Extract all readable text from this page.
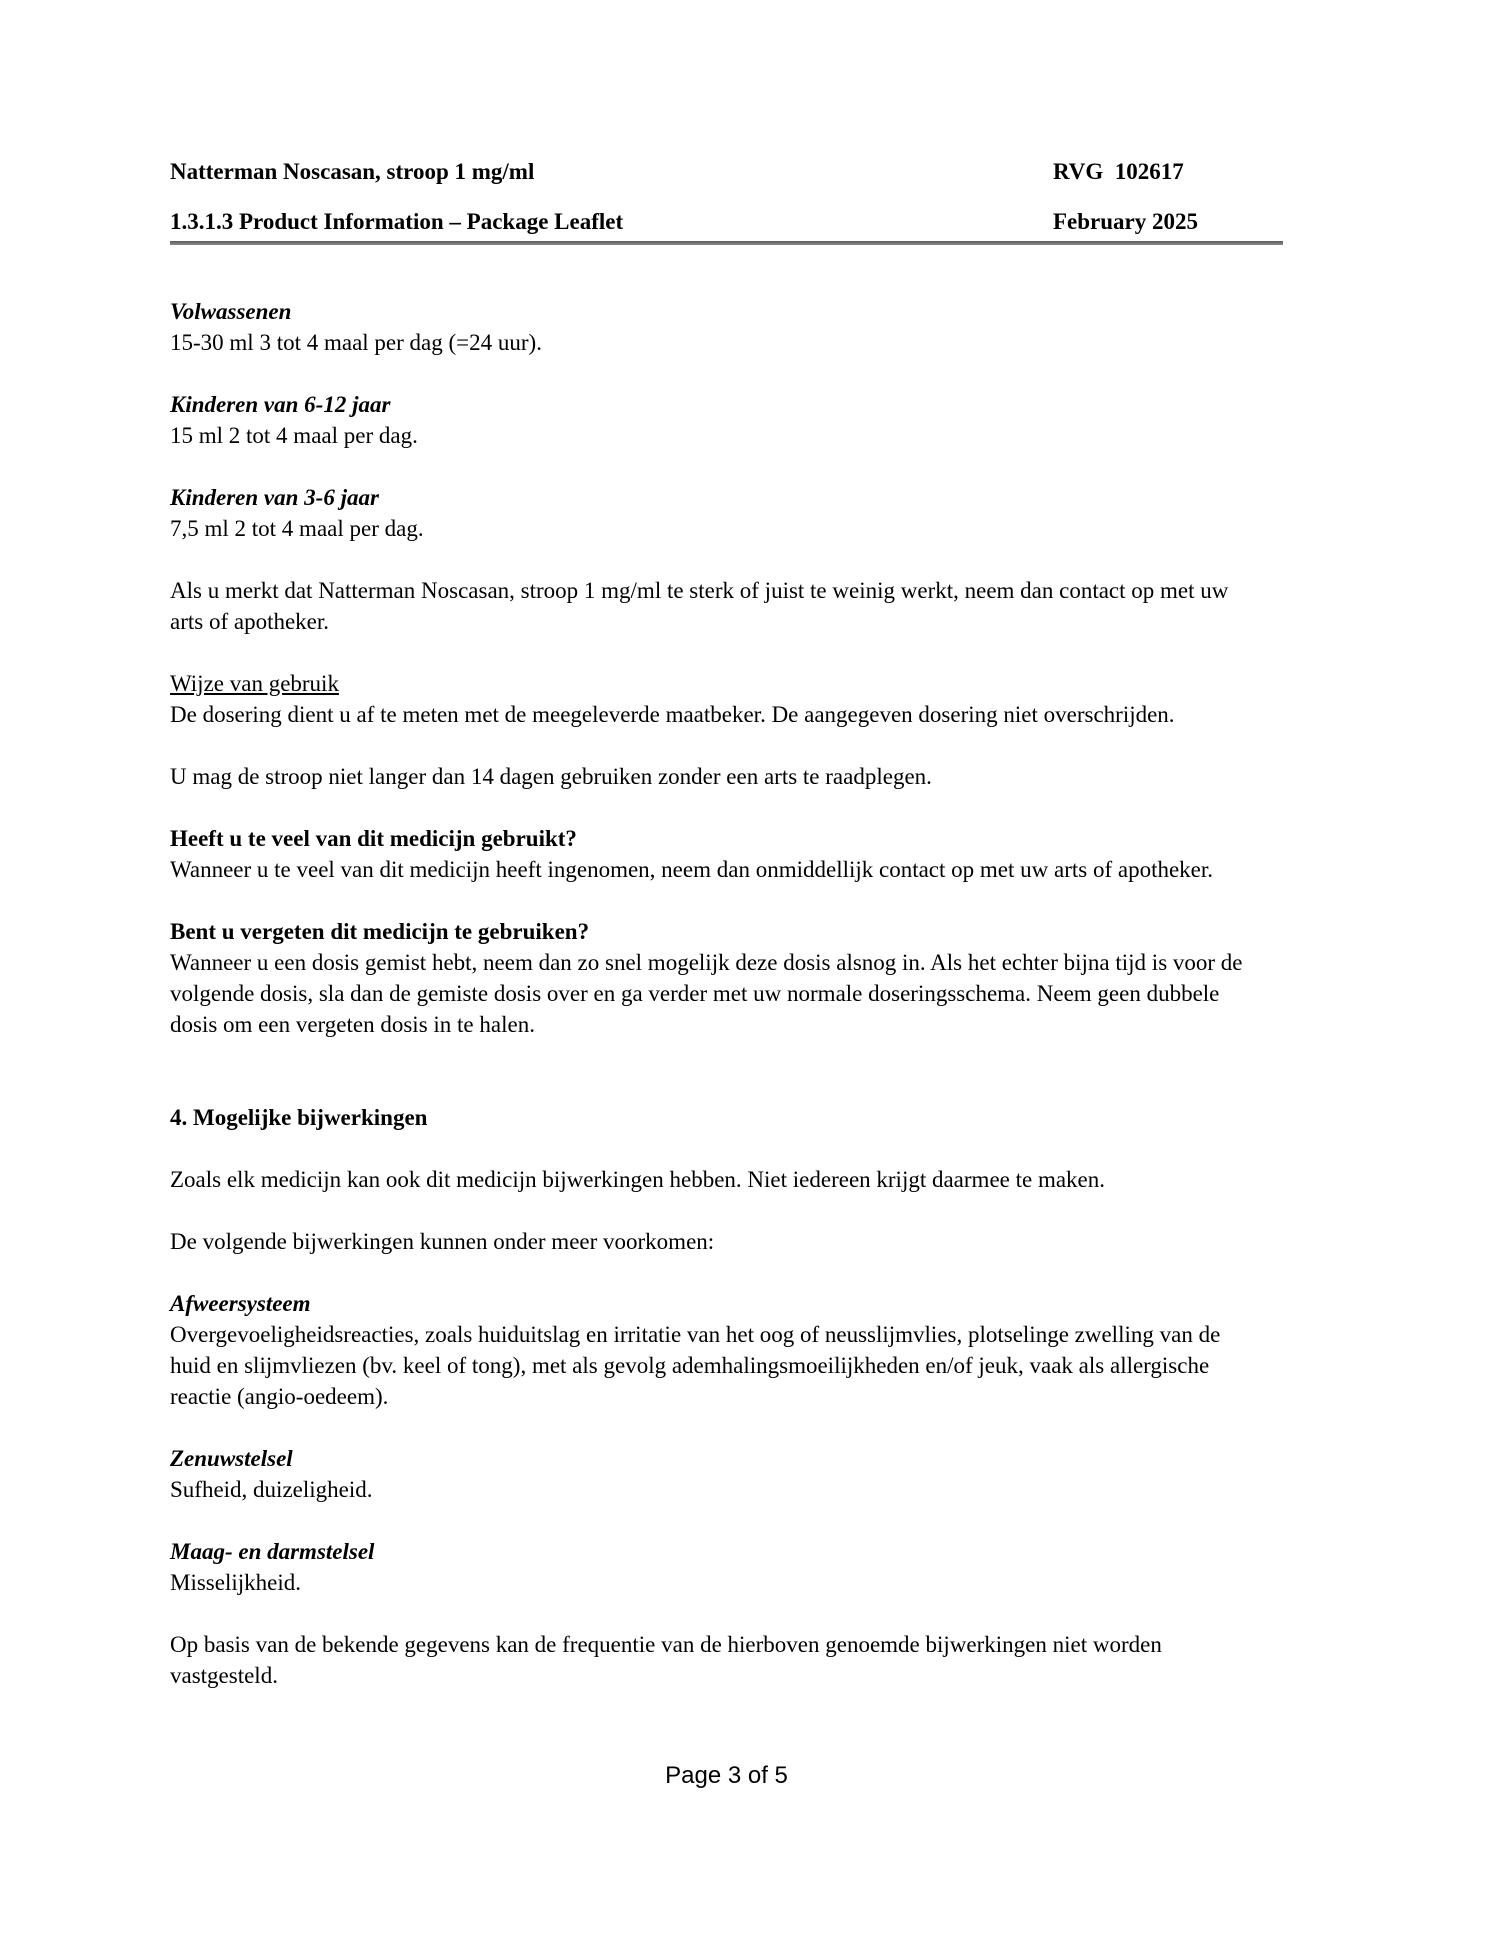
Natterman Noscasan, stroop 1 mg/ml
1.3.1.3 Product Information – Package Leaflet
RVG  102617
February 2025

Volwassenen

15-30 ml 3 tot 4 maal per dag (=24 uur).

Kinderen van 6-12 jaar

15 ml 2 tot 4 maal per dag.

Kinderen van 3-6 jaar

7,5 ml 2 tot 4 maal per dag.

Als u merkt dat Natterman Noscasan, stroop 1 mg/ml te sterk of juist te weinig werkt, neem dan contact op met uw arts of apotheker.

Wijze van gebruik

De dosering dient u af te meten met de meegeleverde maatbeker. De aangegeven dosering niet overschrijden.

U mag de stroop niet langer dan 14 dagen gebruiken zonder een arts te raadplegen.

Heeft u te veel van dit medicijn gebruikt?

Wanneer u te veel van dit medicijn heeft ingenomen, neem dan onmiddellijk contact op met uw arts of apotheker.

Bent u vergeten dit medicijn te gebruiken?

Wanneer u een dosis gemist hebt, neem dan zo snel mogelijk deze dosis alsnog in. Als het echter bijna tijd is voor de volgende dosis, sla dan de gemiste dosis over en ga verder met uw normale doseringsschema. Neem geen dubbele dosis om een vergeten dosis in te halen.

4. Mogelijke bijwerkingen

Zoals elk medicijn kan ook dit medicijn bijwerkingen hebben. Niet iedereen krijgt daarmee te maken.

De volgende bijwerkingen kunnen onder meer voorkomen:

Afweersysteem

Overgevoeligheidsreacties, zoals huiduitslag en irritatie van het oog of neusslijmvlies, plotselinge zwelling van de huid en slijmvliezen (bv. keel of tong), met als gevolg ademhalingsmoeilijkheden en/of jeuk, vaak als allergische reactie (angio-oedeem).

Zenuwstelsel

Sufheid, duizeligheid.

Maag- en darmstelsel

Misselijkheid.

Op basis van de bekende gegevens kan de frequentie van de hierboven genoemde bijwerkingen niet worden vastgesteld.

Page 3 of 5
